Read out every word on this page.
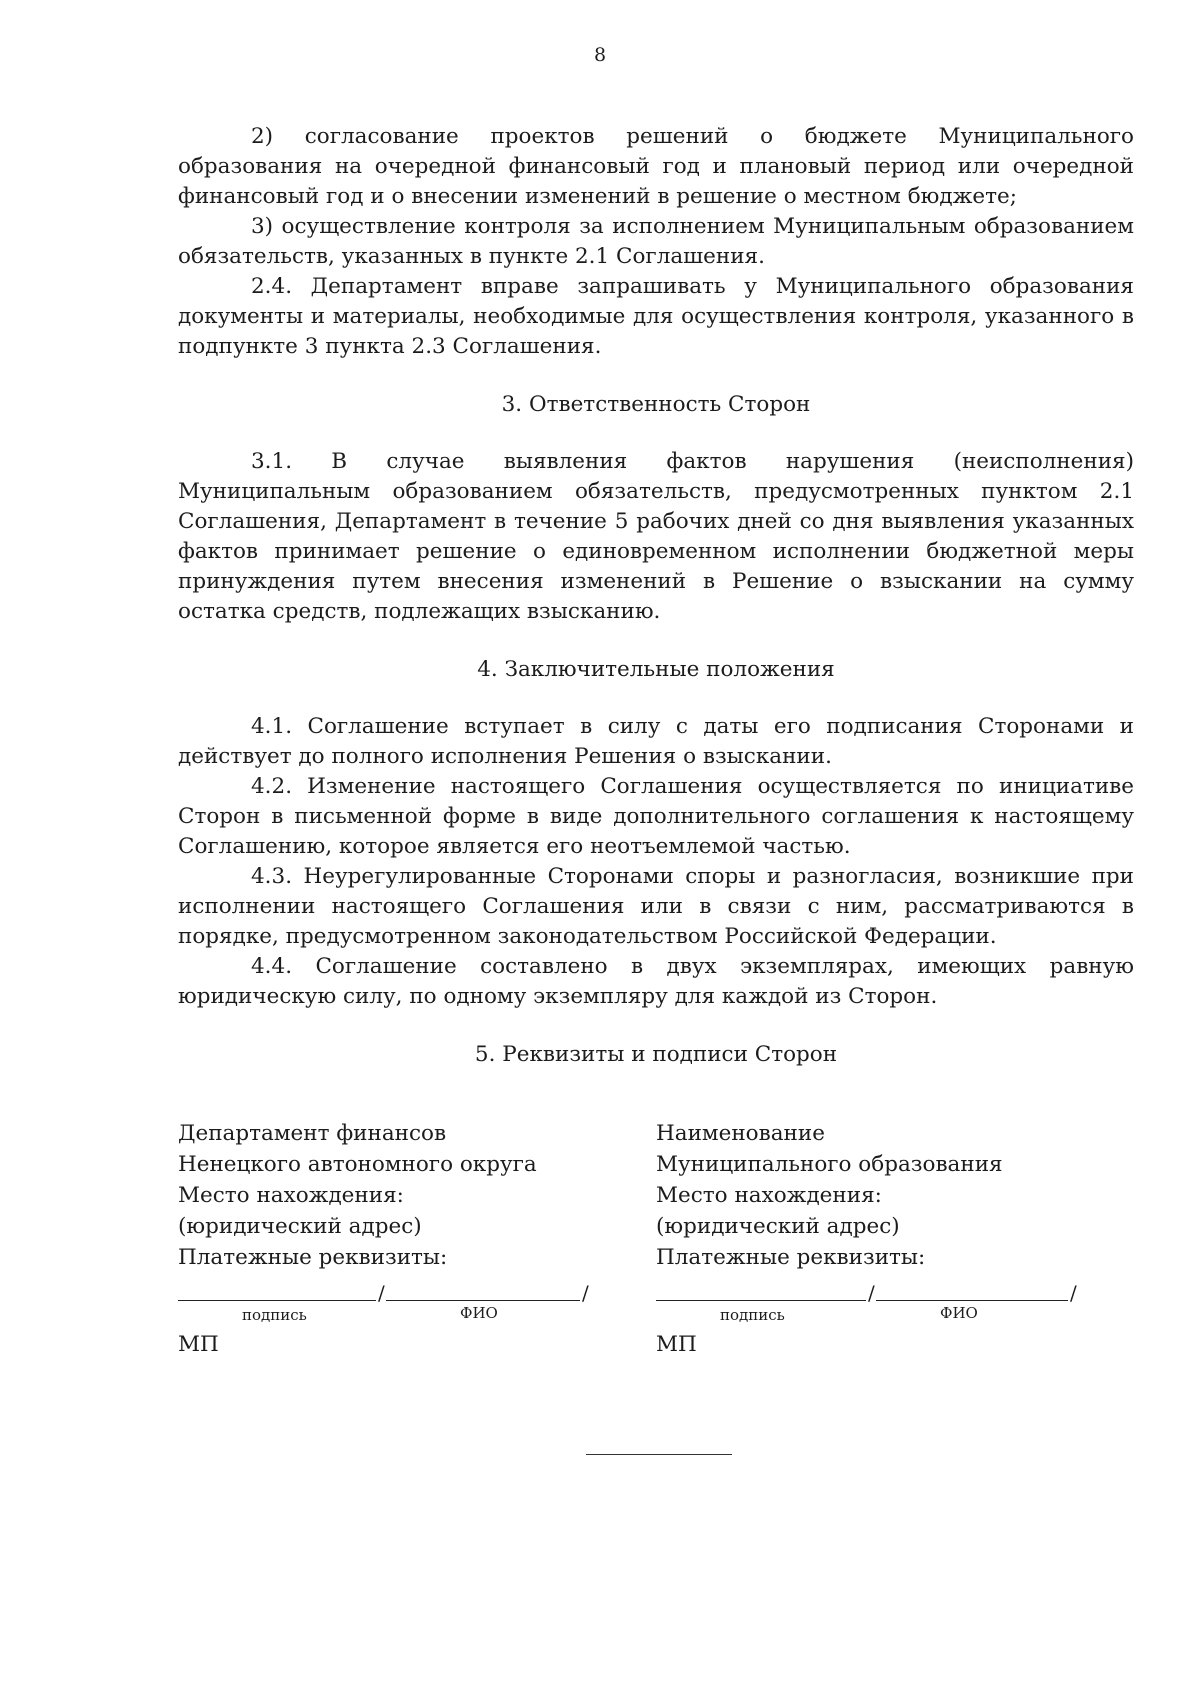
8

2) согласование проектов решений о бюджете Муниципального образования на очередной финансовый год и плановый период или очередной финансовый год и о внесении изменений в решение о местном бюджете;

3) осуществление контроля за исполнением Муниципальным образованием обязательств, указанных в пункте 2.1 Соглашения.

2.4. Департамент вправе запрашивать у Муниципального образования документы и материалы, необходимые для осуществления контроля, указанного в подпункте 3 пункта 2.3 Соглашения.

3. Ответственность Сторон

3.1. В случае выявления фактов нарушения (неисполнения) Муниципальным образованием обязательств, предусмотренных пунктом 2.1 Соглашения, Департамент в течение 5 рабочих дней со дня выявления указанных фактов принимает решение о единовременном исполнении бюджетной меры принуждения путем внесения изменений в Решение о взыскании на сумму остатка средств, подлежащих взысканию.

4. Заключительные положения

4.1. Соглашение вступает в силу с даты его подписания Сторонами и действует до полного исполнения Решения о взыскании.

4.2. Изменение настоящего Соглашения осуществляется по инициативе Сторон в письменной форме в виде дополнительного соглашения к настоящему Соглашению, которое является его неотъемлемой частью.

4.3. Неурегулированные Сторонами споры и разногласия, возникшие при исполнении настоящего Соглашения или в связи с ним, рассматриваются в порядке, предусмотренном законодательством Российской Федерации.

4.4. Соглашение составлено в двух экземплярах, имеющих равную юридическую силу, по одному экземпляру для каждой из Сторон.

5. Реквизиты и подписи Сторон

Департамент финансов
Ненецкого автономного округа
Место нахождения:
(юридический адрес)
Платежные реквизиты:
Наименование
Муниципального образования
Место нахождения:
(юридический адрес)
Платежные реквизиты:
/	/
подпись	ФИО
МП
/	/
подпись	ФИО
МП
